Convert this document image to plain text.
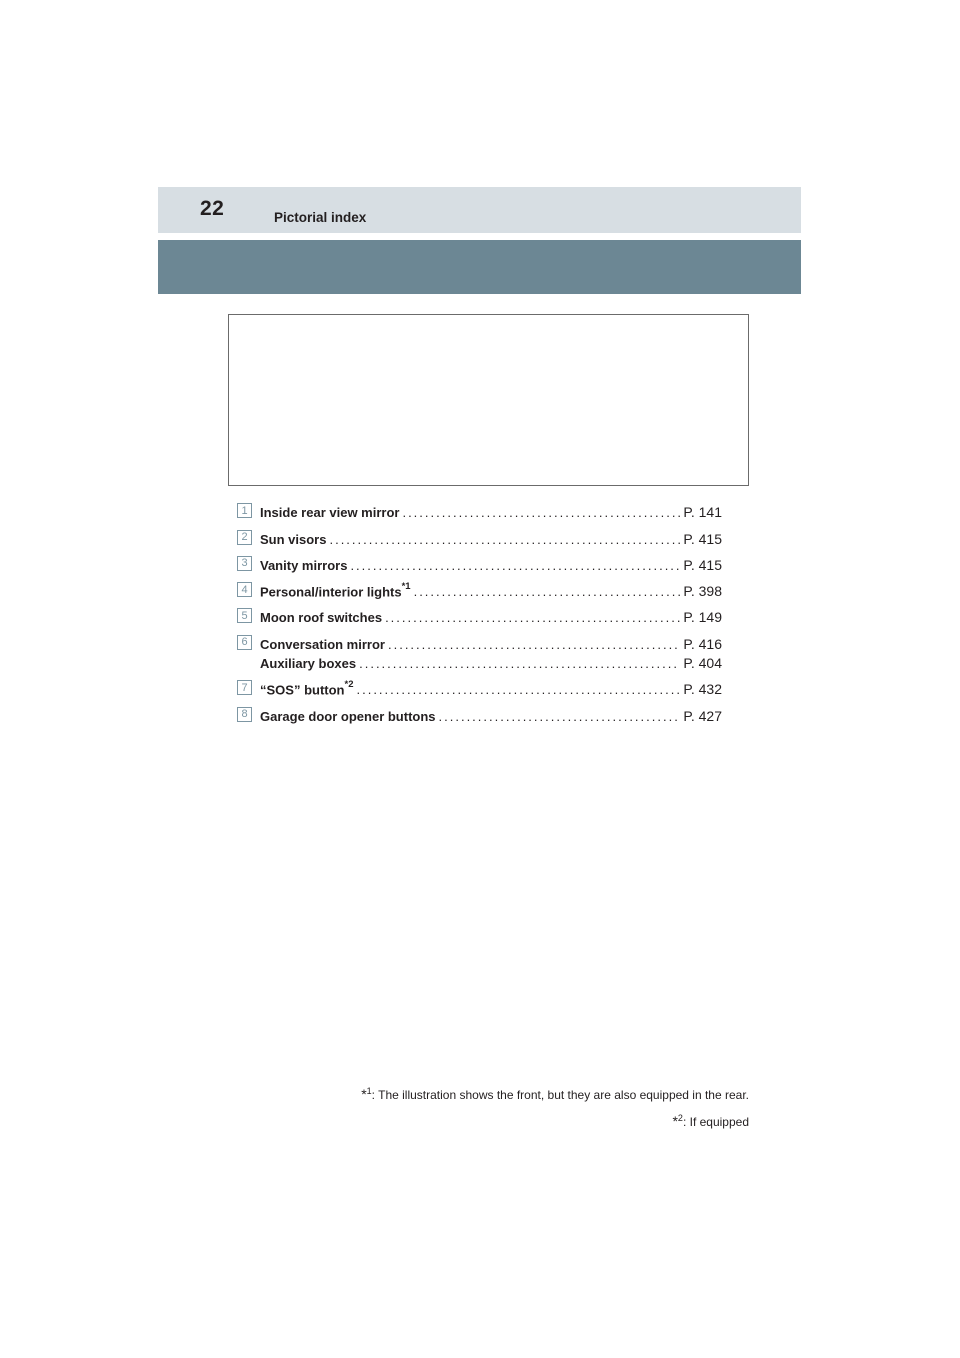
22	Pictorial index
1 Inside rear view mirror .....	P. 141
2 Sun visors .....	P. 415
3 Vanity mirrors .....	P. 415
4 Personal/interior lights$^{*1}$ .....	P. 398
5 Moon roof switches .....	P. 149
6 Conversation mirror .....	P. 416
Auxiliary boxes .....	P. 404
7 “SOS” button$^{*2}$ .....	P. 432
8 Garage door opener buttons .....	P. 427
*$^1$: The illustration shows the front, but they are also equipped in the rear.
*$^2$: If equipped
